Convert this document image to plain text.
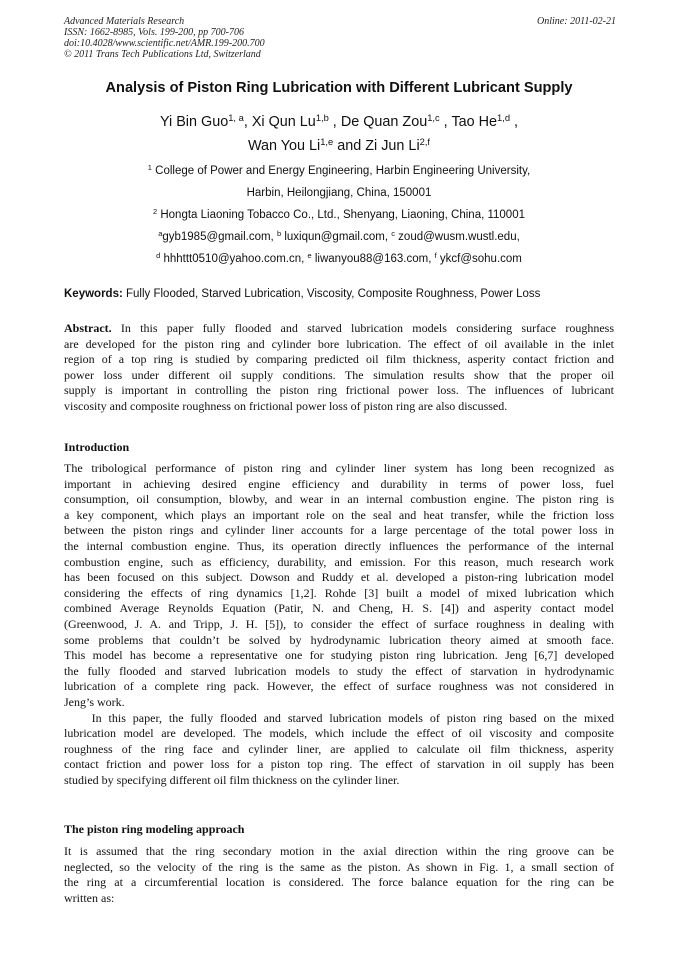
Advanced Materials Research
ISSN: 1662-8985, Vols. 199-200, pp 700-706
doi:10.4028/www.scientific.net/AMR.199-200.700
© 2011 Trans Tech Publications Ltd, Switzerland
Online: 2011-02-21
Analysis of Piston Ring Lubrication with Different Lubricant Supply
Yi Bin Guo$^{1, a}$, Xi Qun Lu$^{1,b}$ , De Quan Zou$^{1,c}$ , Tao He$^{1,d}$ ,
Wan You Li$^{1,e}$ and Zi Jun Li$^{2,f}$
$^1$ College of Power and Energy Engineering, Harbin Engineering University,
Harbin, Heilongjiang, China, 150001
$^2$ Hongta Liaoning Tobacco Co., Ltd., Shenyang, Liaoning, China, 110001
$^a$gyb1985@gmail.com, $^b$ luxiqun@gmail.com, $^c$ zoud@wusm.wustl.edu,
$^d$ hhhttt0510@yahoo.com.cn, $^e$ liwanyou88@163.com, $^f$ ykcf@sohu.com
Keywords: Fully Flooded, Starved Lubrication, Viscosity, Composite Roughness, Power Loss
Abstract. In this paper fully flooded and starved lubrication models considering surface roughness
are developed for the piston ring and cylinder bore lubrication. The effect of oil available in the inlet
region of a top ring is studied by comparing predicted oil film thickness, asperity contact friction and
power loss under different oil supply conditions. The simulation results show that the proper oil
supply is important in controlling the piston ring frictional power loss. The influences of lubricant
viscosity and composite roughness on frictional power loss of piston ring are also discussed.
Introduction
The tribological performance of piston ring and cylinder liner system has long been recognized as
important in achieving desired engine efficiency and durability in terms of power loss, fuel
consumption, oil consumption, blowby, and wear in an internal combustion engine. The piston ring is
a key component, which plays an important role on the seal and heat transfer, while the friction loss
between the piston rings and cylinder liner accounts for a large percentage of the total power loss in
the internal combustion engine. Thus, its operation directly influences the performance of the internal
combustion engine, such as efficiency, durability, and emission. For this reason, much research work
has been focused on this subject. Dowson and Ruddy et al. developed a piston-ring lubrication model
considering the effects of ring dynamics [1,2]. Rohde [3] built a model of mixed lubrication which
combined Average Reynolds Equation (Patir, N. and Cheng, H. S. [4]) and asperity contact model
(Greenwood, J. A. and Tripp, J. H. [5]), to consider the effect of surface roughness in dealing with
some problems that couldn’t be solved by hydrodynamic lubrication theory aimed at smooth face.
This model has become a representative one for studying piston ring lubrication. Jeng [6,7] developed
the fully flooded and starved lubrication models to study the effect of starvation in hydrodynamic
lubrication of a complete ring pack. However, the effect of surface roughness was not considered in
Jeng’s work.
In this paper, the fully flooded and starved lubrication models of piston ring based on the mixed
lubrication model are developed. The models, which include the effect of oil viscosity and composite
roughness of the ring face and cylinder liner, are applied to calculate oil film thickness, asperity
contact friction and power loss for a piston top ring. The effect of starvation in oil supply has been
studied by specifying different oil film thickness on the cylinder liner.
The piston ring modeling approach
It is assumed that the ring secondary motion in the axial direction within the ring groove can be
neglected, so the velocity of the ring is the same as the piston. As shown in Fig. 1, a small section of
the ring at a circumferential location is considered. The force balance equation for the ring can be
written as:
